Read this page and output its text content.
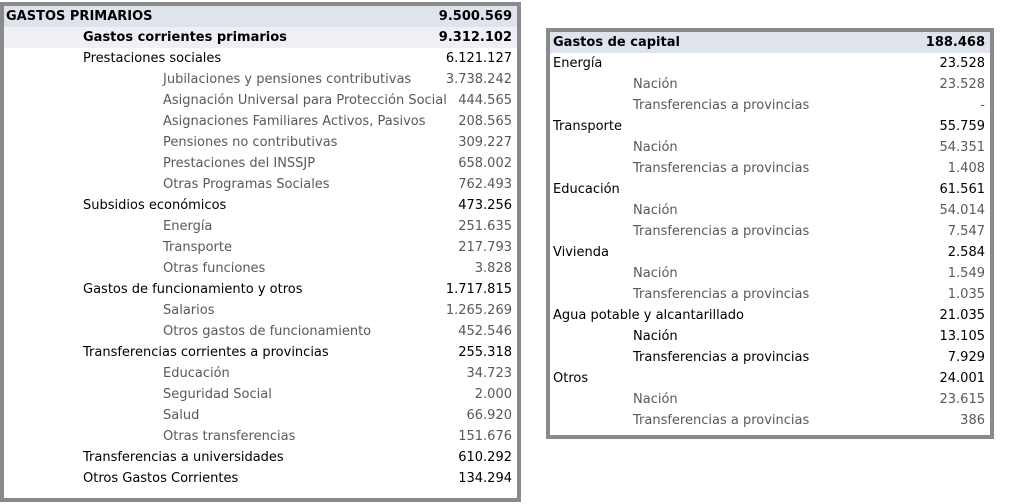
GASTOS PRIMARIOS	9.500.569
Gastos corrientes primarios	9.312.102
Prestaciones sociales	6.121.127
Jubilaciones y pensiones contributivas	3.738.242
Asignación Universal para Protección Social 444.565
Asignaciones Familiares Activos, Pasivos	208.565
Pensiones no contributivas	309.227
Prestaciones del INSSJP	658.002
Otras Programas Sociales	762.493
Subsidios económicos	473.256
Energía	251.635
Transporte	217.793
Otras funciones	3.828
Gastos de funcionamiento y otros	1.717.815
Salarios	1.265.269
Otros gastos de funcionamiento	452.546
Transferencias corrientes a provincias	255.318
Educación	34.723
Seguridad Social	2.000
Salud	66.920
Otras transferencias	151.676
Transferencias a universidades	610.292
Otros Gastos Corrientes	134.294
Gastos de capital	188.468
Energía	23.528
Nación	23.528
Transferencias a provincias	-
Transporte	55.759
Nación	54.351
Transferencias a provincias	1.408
Educación	61.561
Nación	54.014
Transferencias a provincias	7.547
Vivienda	2.584
Nación	1.549
Transferencias a provincias	1.035
Agua potable y alcantarillado	21.035
Nación	13.105
Transferencias a provincias	7.929
Otros	24.001
Nación	23.615
Transferencias a provincias	386
